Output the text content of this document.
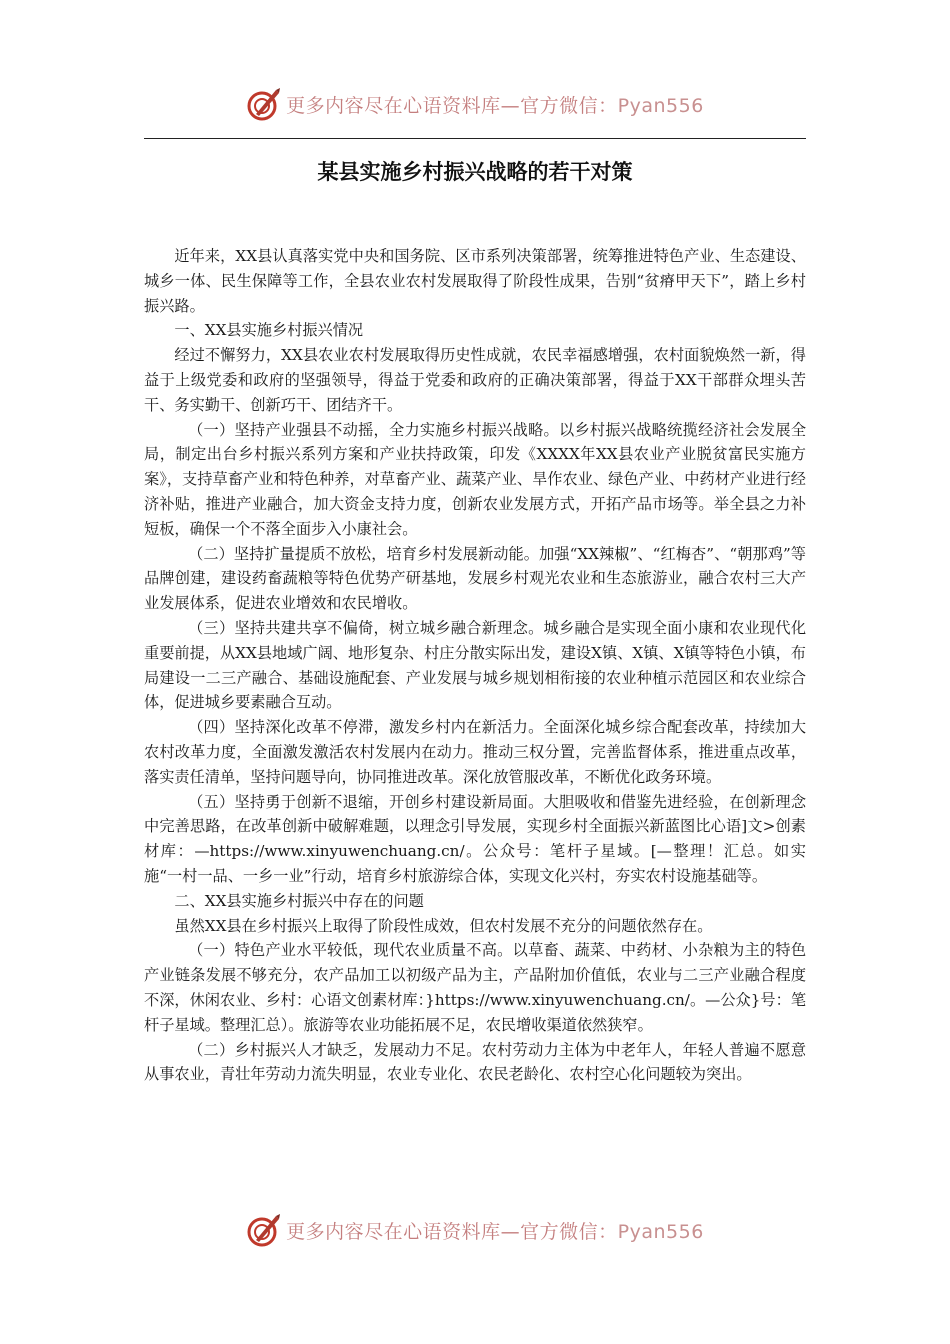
更多内容尽在心语资料库—官方微信：Pyan556
某县实施乡村振兴战略的若干对策

近年来，XX县认真落实党中央和国务院、区市系列决策部署，统筹推进特色产业、生态建设、城乡一体、民生保障等工作，全县农业农村发展取得了阶段性成果，告别“贫瘠甲天下”，踏上乡村振兴路。

一、XX县实施乡村振兴情况

经过不懈努力，XX县农业农村发展取得历史性成就，农民幸福感增强，农村面貌焕然一新，得益于上级党委和政府的坚强领导，得益于党委和政府的正确决策部署，得益于XX干部群众埋头苦干、务实勤干、创新巧干、团结齐干。

（一）坚持产业强县不动摇，全力实施乡村振兴战略。以乡村振兴战略统揽经济社会发展全局，制定出台乡村振兴系列方案和产业扶持政策，印发《XXXX年XX县农业产业脱贫富民实施方案》，支持草畜产业和特色种养，对草畜产业、蔬菜产业、旱作农业、绿色产业、中药材产业进行经济补贴，推进产业融合，加大资金支持力度，创新农业发展方式，开拓产品市场等。举全县之力补短板，确保一个不落全面步入小康社会。

（二）坚持扩量提质不放松，培育乡村发展新动能。加强“XX辣椒”、“红梅杏”、“朝那鸡”等品牌创建，建设药畜蔬粮等特色优势产研基地，发展乡村观光农业和生态旅游业，融合农村三大产业发展体系，促进农业增效和农民增收。

（三）坚持共建共享不偏倚，树立城乡融合新理念。城乡融合是实现全面小康和农业现代化重要前提，从XX县地域广阔、地形复杂、村庄分散实际出发，建设X镇、X镇、X镇等特色小镇，布局建设一二三产融合、基础设施配套、产业发展与城乡规划相衔接的农业种植示范园区和农业综合体，促进城乡要素融合互动。

（四）坚持深化改革不停滞，激发乡村内在新活力。全面深化城乡综合配套改革，持续加大农村改革力度，全面激发激活农村发展内在动力。推动三权分置，完善监督体系，推进重点改革，落实责任清单，坚持问题导向，协同推进改革。深化放管服改革，不断优化政务环境。

（五）坚持勇于创新不退缩，开创乡村建设新局面。大胆吸收和借鉴先进经验，在创新理念中完善思路，在改革创新中破解难题，以理念引导发展，实现乡村全面振兴新蓝图比心语]文>创素材库：—https://www.xinyuwenchuang.cn/。公众号：笔杆子星域。[—整理！汇总。如实施“一村一品、一乡一业”行动，培育乡村旅游综合体，实现文化兴村，夯实农村设施基础等。

二、XX县实施乡村振兴中存在的问题

虽然XX县在乡村振兴上取得了阶段性成效，但农村发展不充分的问题依然存在。

（一）特色产业水平较低，现代农业质量不高。以草畜、蔬菜、中药材、小杂粮为主的特色产业链条发展不够充分，农产品加工以初级产品为主，产品附加价值低，农业与二三产业融合程度不深，休闲农业、乡村：心语文创素材库：}https://www.xinyuwenchuang.cn/。—公众}号：笔杆子星域。整理汇总）。旅游等农业功能拓展不足，农民增收渠道依然狭窄。

（二）乡村振兴人才缺乏，发展动力不足。农村劳动力主体为中老年人，年轻人普遍不愿意从事农业，青壮年劳动力流失明显，农业专业化、农民老龄化、农村空心化问题较为突出。

更多内容尽在心语资料库—官方微信：Pyan556
